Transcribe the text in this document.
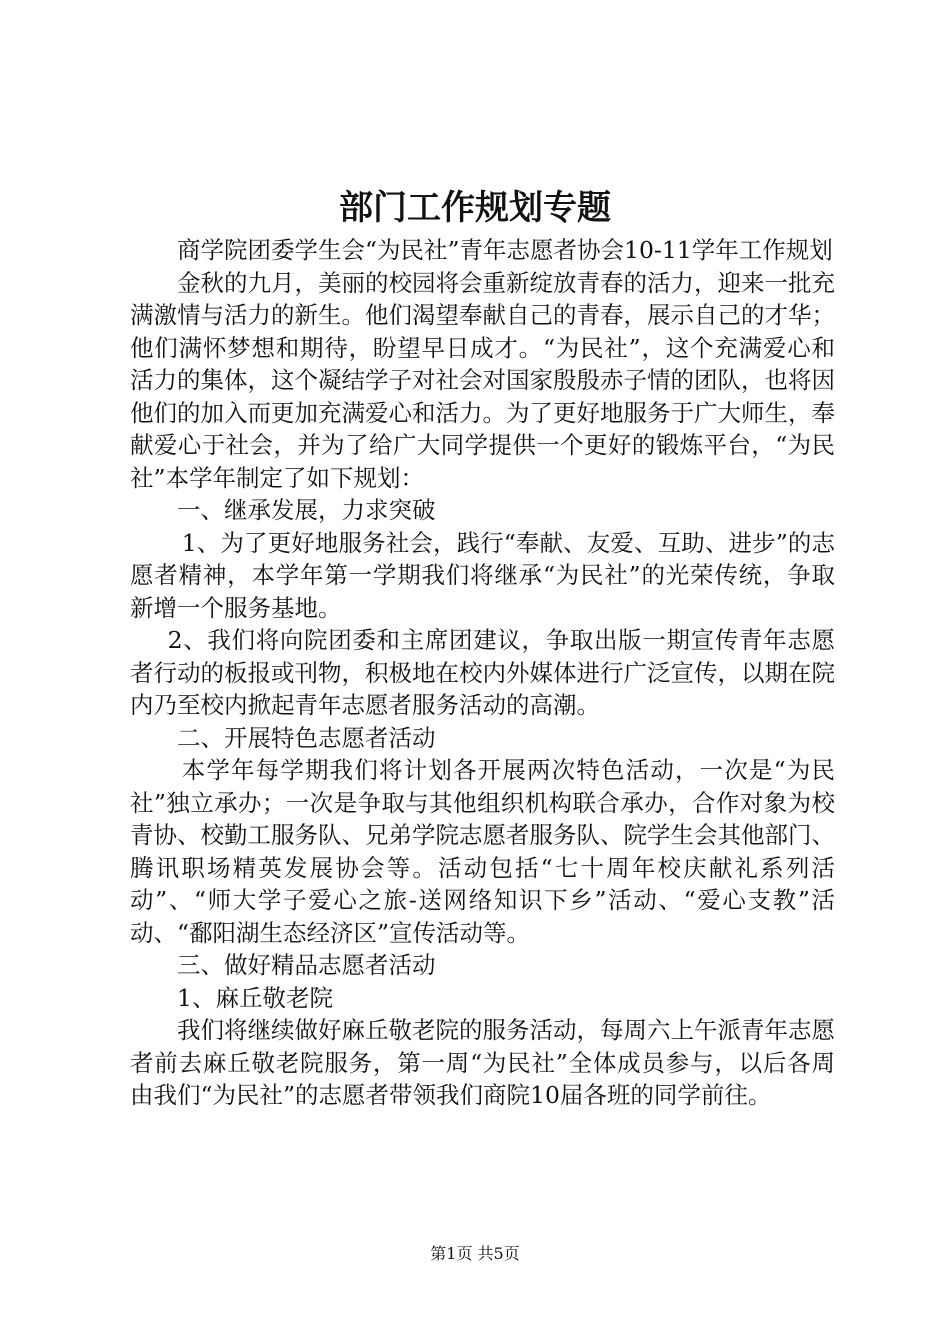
部门工作规划专题

商学院团委学生会“为民社”青年志愿者协会10-11学年工作规划

金秋的九月，美丽的校园将会重新绽放青春的活力，迎来一批充满激情与活力的新生。他们渴望奉献自己的青春，展示自己的才华；他们满怀梦想和期待，盼望早日成才。“为民社”，这个充满爱心和活力的集体，这个凝结学子对社会对国家殷殷赤子情的团队，也将因他们的加入而更加充满爱心和活力。为了更好地服务于广大师生，奉献爱心于社会，并为了给广大同学提供一个更好的锻炼平台，“为民社”本学年制定了如下规划：

一、继承发展，力求突破

1、为了更好地服务社会，践行“奉献、友爱、互助、进步”的志愿者精神，本学年第一学期我们将继承“为民社”的光荣传统，争取新增一个服务基地。

2、我们将向院团委和主席团建议，争取出版一期宣传青年志愿者行动的板报或刊物，积极地在校内外媒体进行广泛宣传，以期在院内乃至校内掀起青年志愿者服务活动的高潮。

二、开展特色志愿者活动

本学年每学期我们将计划各开展两次特色活动，一次是“为民社”独立承办；一次是争取与其他组织机构联合承办，合作对象为校青协、校勤工服务队、兄弟学院志愿者服务队、院学生会其他部门、腾讯职场精英发展协会等。活动包括“七十周年校庆献礼系列活动”、“师大学子爱心之旅-送网络知识下乡”活动、“爱心支教”活动、“鄱阳湖生态经济区”宣传活动等。

三、做好精品志愿者活动

1、麻丘敬老院

我们将继续做好麻丘敬老院的服务活动，每周六上午派青年志愿者前去麻丘敬老院服务，第一周“为民社”全体成员参与，以后各周由我们“为民社”的志愿者带领我们商院10届各班的同学前往。

第1页 共5页
